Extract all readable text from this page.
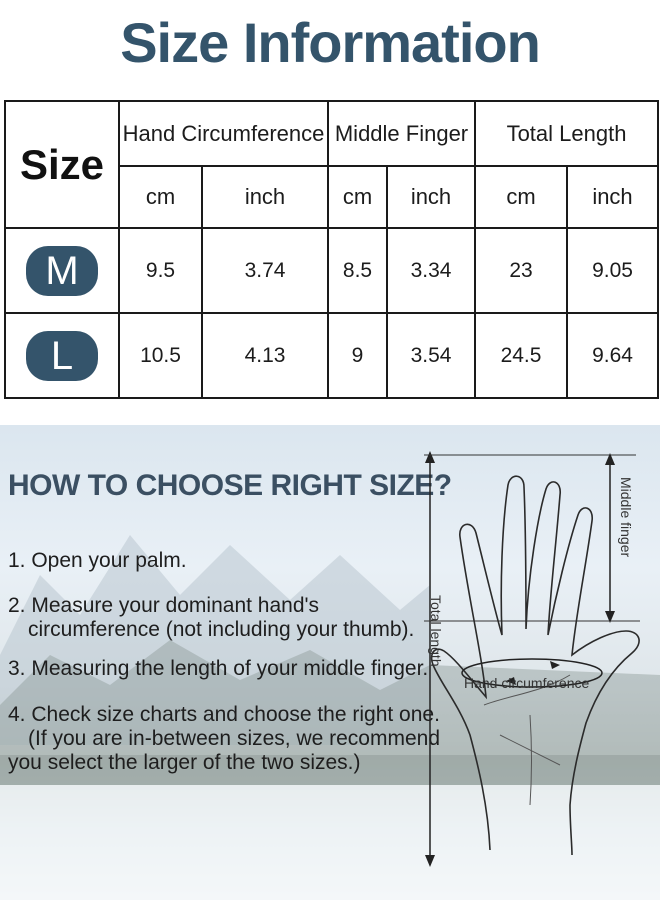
Size Information
Size	Hand Circumference		Middle Finger		Total Length	
	cm	inch	cm	inch	cm	inch
M	9.5	3.74	8.5	3.34	23	9.05
L	10.5	4.13	9	3.54	24.5	9.64
HOW TO CHOOSE RIGHT SIZE?
1. Open your palm.
2. Measure your dominant hand's
circumference (not including your thumb).
3. Measuring the length of your middle finger.
4. Check size charts and choose the right one.
(If you are in-between sizes, we recommend
you select the larger of the two sizes.)
Middle finger
Total length
Hand circumference
